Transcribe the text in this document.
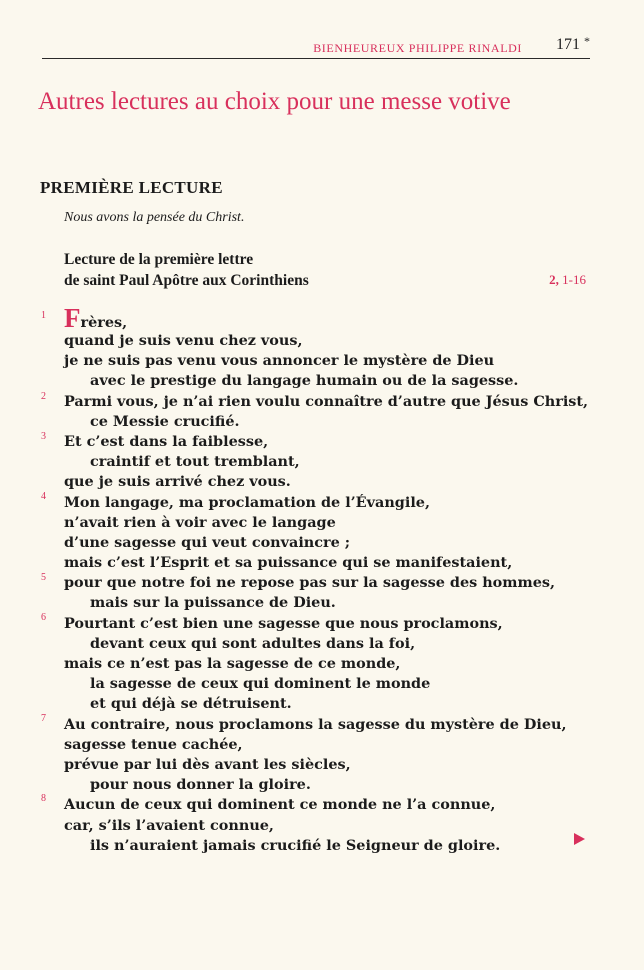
BIENHEUREUX PHILIPPE RINALDI 171 *
Autres lectures au choix pour une messe votive
PREMIÈRE LECTURE
Nous avons la pensée du Christ.
Lecture de la première lettre
de saint Paul Apôtre aux Corinthiens	2, 1-16
1
2
3
4
5
6
7
8
Frères,
quand je suis venu chez vous,
je ne suis pas venu vous annoncer le mystère de Dieu
avec le prestige du langage humain ou de la sagesse.
Parmi vous, je n’ai rien voulu connaître d’autre que Jésus Christ,
ce Messie crucifié.
Et c’est dans la faiblesse,
craintif et tout tremblant,
que je suis arrivé chez vous.
Mon langage, ma proclamation de l’Évangile,
n’avait rien à voir avec le langage
d’une sagesse qui veut convaincre ;
mais c’est l’Esprit et sa puissance qui se manifestaient,
pour que notre foi ne repose pas sur la sagesse des hommes,
mais sur la puissance de Dieu.
Pourtant c’est bien une sagesse que nous proclamons,
devant ceux qui sont adultes dans la foi,
mais ce n’est pas la sagesse de ce monde,
la sagesse de ceux qui dominent le monde
et qui déjà se détruisent.
Au contraire, nous proclamons la sagesse du mystère de Dieu,
sagesse tenue cachée,
prévue par lui dès avant les siècles,
pour nous donner la gloire.
Aucun de ceux qui dominent ce monde ne l’a connue,
car, s’ils l’avaient connue,
ils n’auraient jamais crucifié le Seigneur de gloire.
